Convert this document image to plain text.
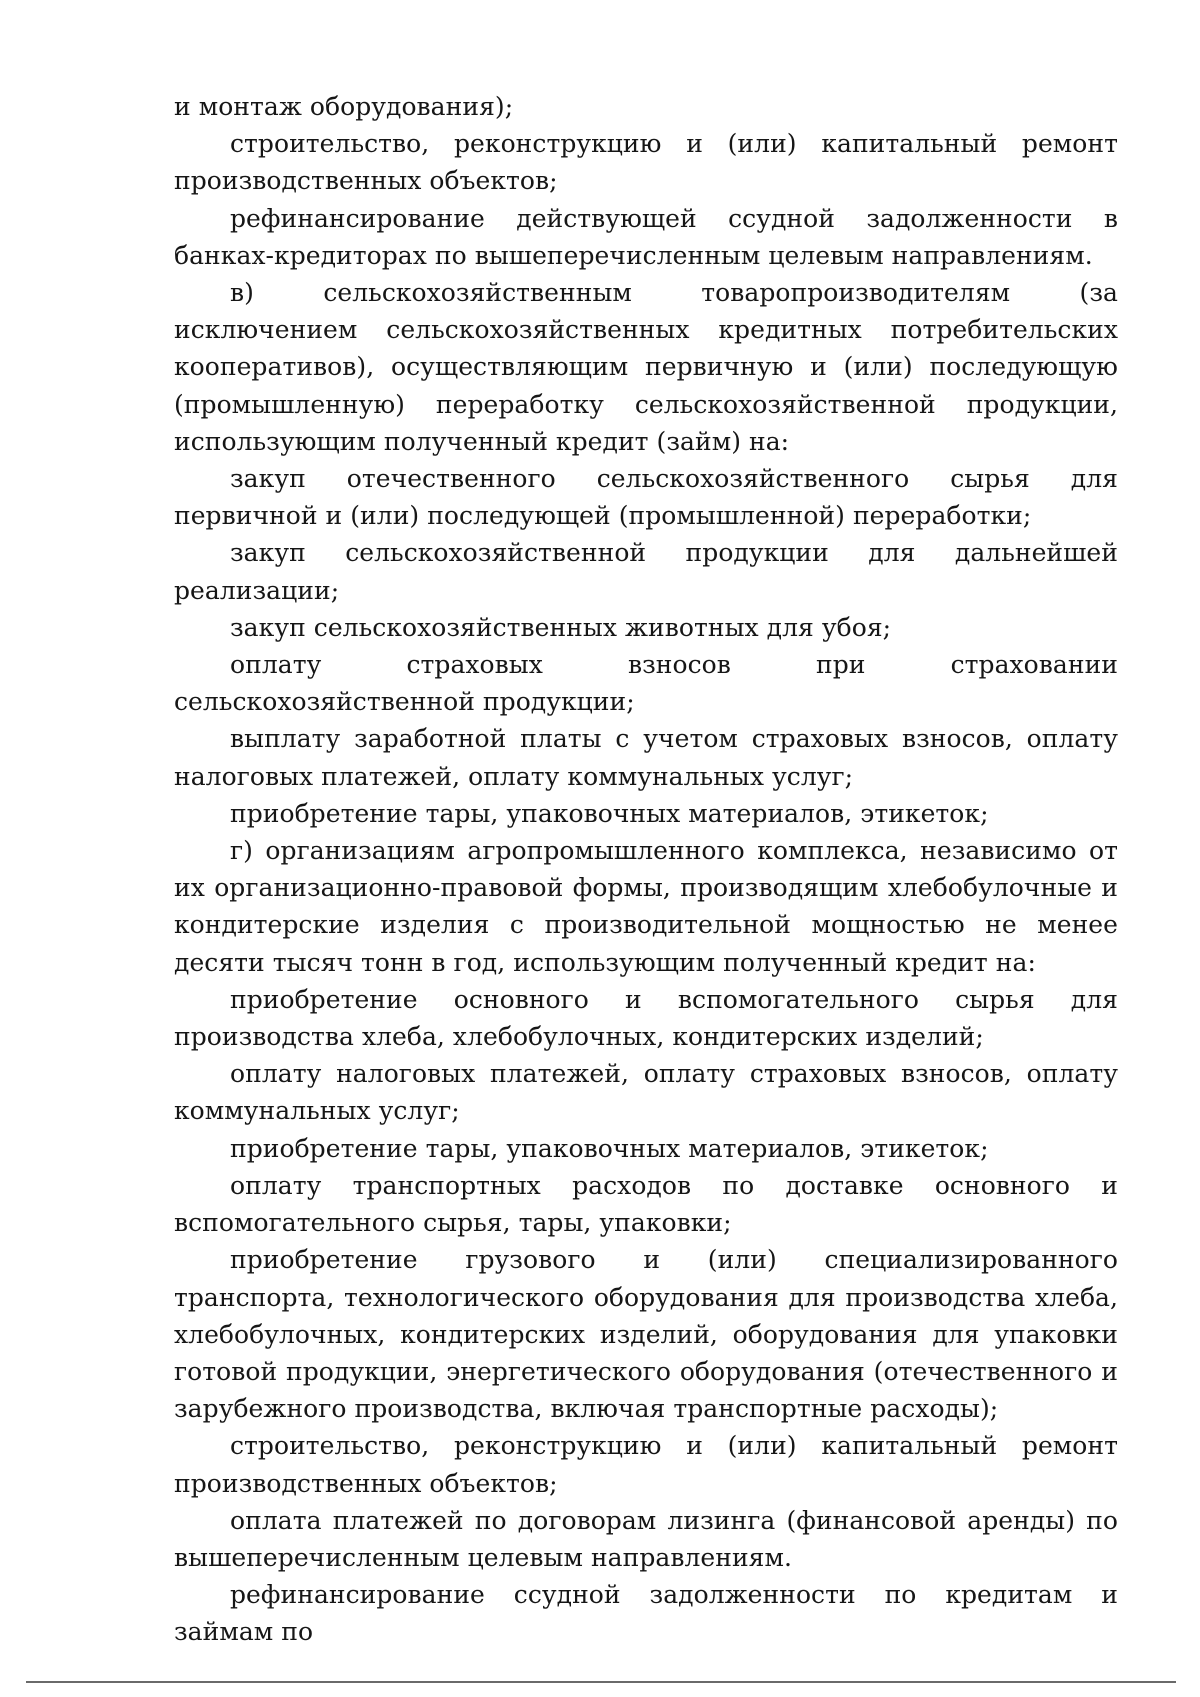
и монтаж оборудования);

строительство, реконструкцию и (или) капитальный ремонт производственных объектов;

рефинансирование действующей ссудной задолженности в банках-кредиторах по вышеперечисленным целевым направлениям.

в) сельскохозяйственным товаропроизводителям (за исключением сельскохозяйственных кредитных потребительских кооперативов), осуществляющим первичную и (или) последующую (промышленную) переработку сельскохозяйственной продукции, использующим полученный кредит (займ) на:

закуп отечественного сельскохозяйственного сырья для первичной и (или) последующей (промышленной) переработки;

закуп сельскохозяйственной продукции для дальнейшей реализации;

закуп сельскохозяйственных животных для убоя;

оплату страховых взносов при страховании сельскохозяйственной продукции;

выплату заработной платы с учетом страховых взносов, оплату налоговых платежей, оплату коммунальных услуг;

приобретение тары, упаковочных материалов, этикеток;

г) организациям агропромышленного комплекса, независимо от их организационно-правовой формы, производящим хлебобулочные и кондитерские изделия с производительной мощностью не менее десяти тысяч тонн в год, использующим полученный кредит на:

приобретение основного и вспомогательного сырья для производства хлеба, хлебобулочных, кондитерских изделий;

оплату налоговых платежей, оплату страховых взносов, оплату коммунальных услуг;

приобретение тары, упаковочных материалов, этикеток;

оплату транспортных расходов по доставке основного и вспомогательного сырья, тары, упаковки;

приобретение грузового и (или) специализированного транспорта, технологического оборудования для производства хлеба, хлебобулочных, кондитерских изделий, оборудования для упаковки готовой продукции, энергетического оборудования (отечественного и зарубежного производства, включая транспортные расходы);

строительство, реконструкцию и (или) капитальный ремонт производственных объектов;

оплата платежей по договорам лизинга (финансовой аренды) по вышеперечисленным целевым направлениям.

рефинансирование ссудной задолженности по кредитам и займам по
